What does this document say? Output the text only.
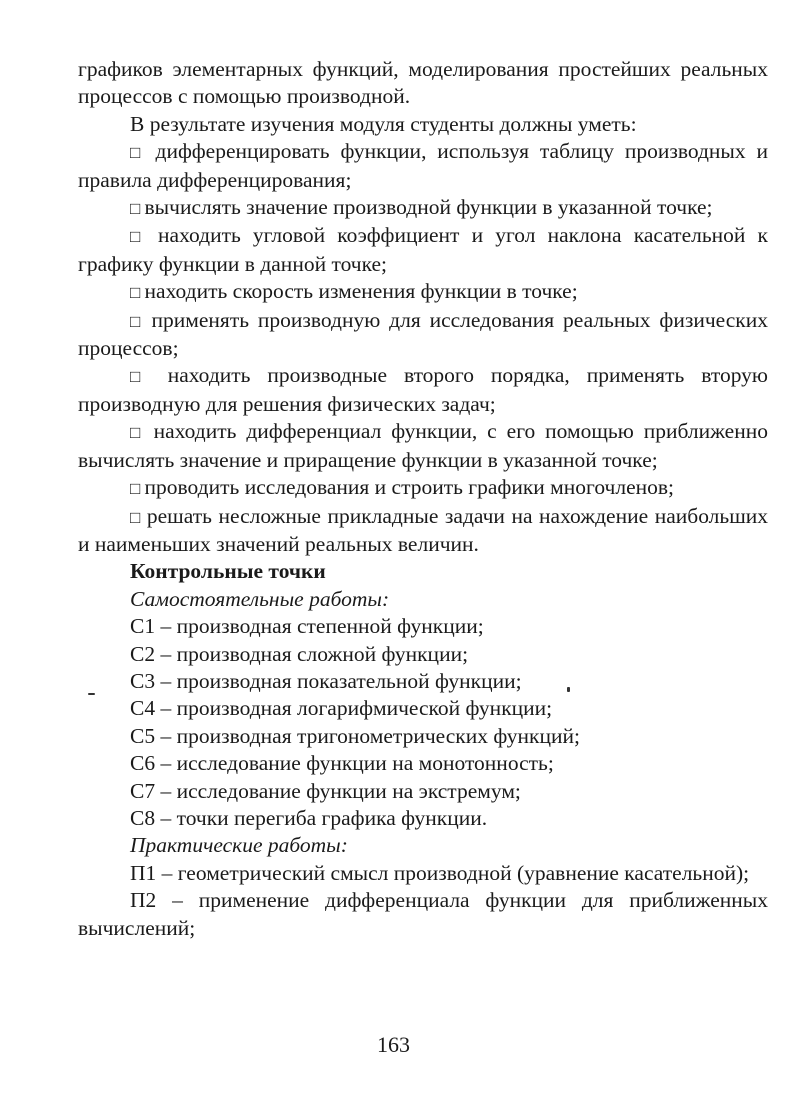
графиков элементарных функций, моделирования простейших реальных процессов с помощью производной.

В результате изучения модуля студенты должны уметь:

□ дифференцировать функции, используя таблицу производных и правила дифференцирования;

□ вычислять значение производной функции в указанной точке;

□ находить угловой коэффициент и угол наклона касательной к графику функции в данной точке;

□ находить скорость изменения функции в точке;

□ применять производную для исследования реальных физических процессов;

□ находить производные второго порядка, применять вторую производную для решения физических задач;

□ находить дифференциал функции, с его помощью приближенно вычислять значение и приращение функции в указанной точке;

□ проводить исследования и строить графики многочленов;

□ решать несложные прикладные задачи на нахождение наибольших и наименьших значений реальных величин.

Контрольные точки

Самостоятельные работы:

С1 – производная степенной функции;

С2 – производная сложной функции;

С3 – производная показательной функции;

С4 – производная логарифмической функции;

С5 – производная тригонометрических функций;

С6 – исследование функции на монотонность;

С7 – исследование функции на экстремум;

С8 – точки перегиба графика функции.

Практические работы:

П1 – геометрический смысл производной (уравнение касательной);

П2 – применение дифференциала функции для приближенных вычислений;

163
